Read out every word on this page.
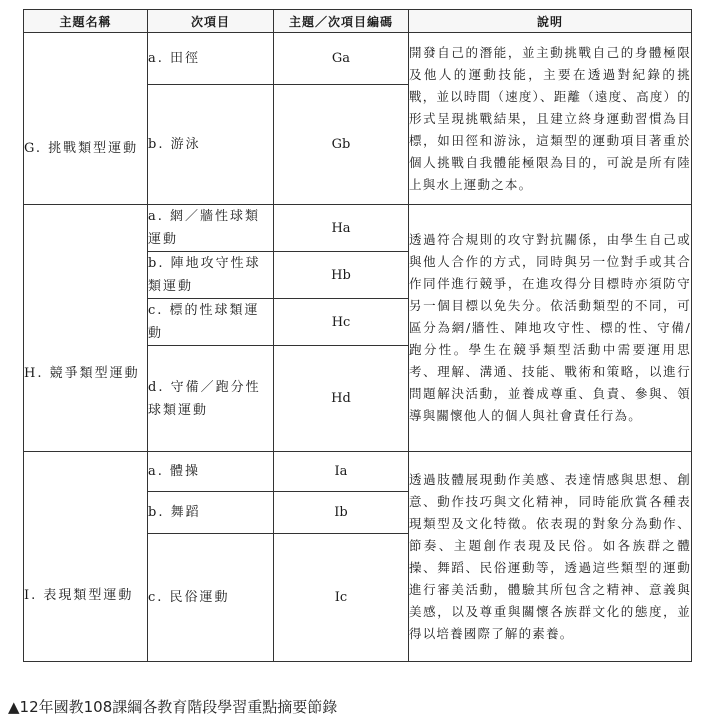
主題名稱	次項目	主題／次項目編碼	說明

G. 挑戰類型運動	a. 田徑	Ga	開發自己的潛能，並主動挑戰自己的身體極限及他人的運動技能，主要在透過對紀錄的挑戰，並以時間（速度）、距離（遠度、高度）的形式呈現挑戰結果，且建立終身運動習慣為目標，如田徑和游泳，這類型的運動項目著重於個人挑戰自我體能極限為目的，可說是所有陸上與水上運動之本。
	b. 游泳	Gb	

H. 競爭類型運動	a. 網／牆性球類運動	Ha	透過符合規則的攻守對抗關係，由學生自己或與他人合作的方式，同時與另一位對手或其合作同伴進行競爭，在進攻得分目標時亦須防守另一個目標以免失分。依活動類型的不同，可區分為網/牆性、陣地攻守性、標的性、守備/跑分性。學生在競爭類型活動中需要運用思考、理解、溝通、技能、戰術和策略，以進行問題解決活動，並養成尊重、負責、參與、領導與關懷他人的個人與社會責任行為。
	b. 陣地攻守性球類運動	Hb	
	c. 標的性球類運動	Hc	
	d. 守備／跑分性球類運動	Hd	

I. 表現類型運動	a. 體操	Ia	透過肢體展現動作美感、表達情感與思想、創意、動作技巧與文化精神，同時能欣賞各種表現類型及文化特徵。依表現的對象分為動作、節奏、主題創作表現及民俗。如各族群之體操、舞蹈、民俗運動等，透過這些類型的運動進行審美活動，體驗其所包含之精神、意義與美感，以及尊重與關懷各族群文化的態度，並得以培養國際了解的素養。
	b. 舞蹈	Ib	
	c. 民俗運動	Ic	
▲12年國教108課綱各教育階段學習重點摘要節錄
